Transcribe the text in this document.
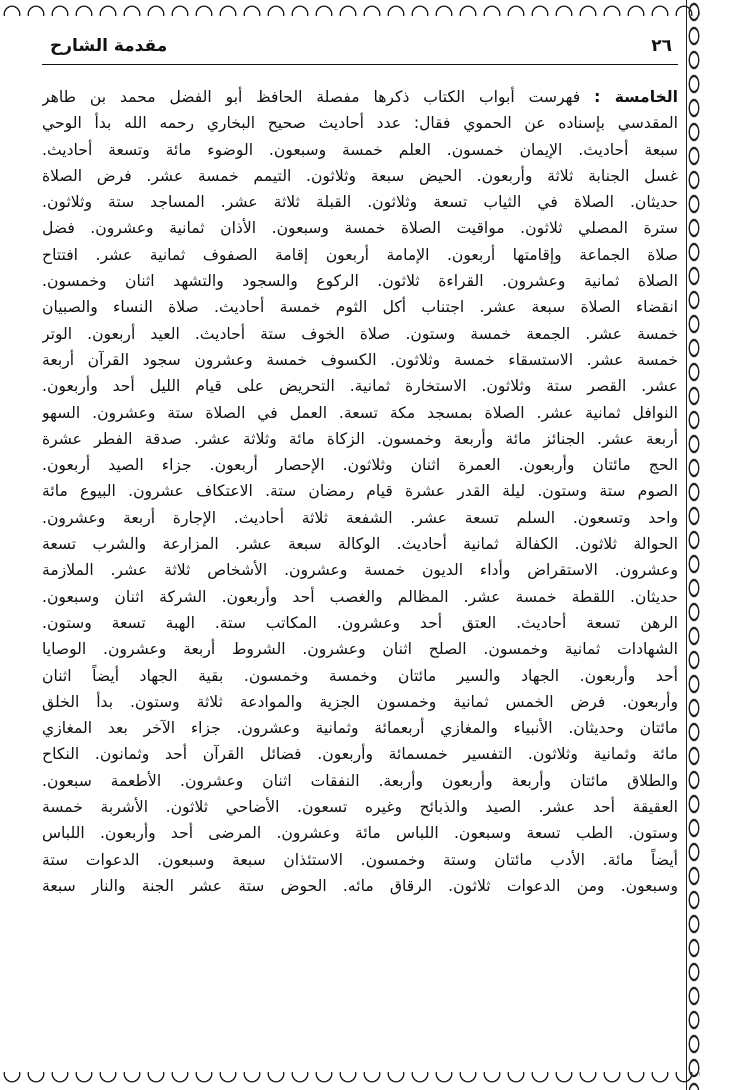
٢٦
مقدمة الشارح
الخامسة : فهرست أبواب الكتاب ذكرها مفصلة الحافظ أبو الفضل محمد بن طاهر
المقدسي بإسناده عن الحموي فقال: عدد أحاديث صحيح البخاري رحمه الله بدأ الوحي
سبعة أحاديث. الإيمان خمسون. العلم خمسة وسبعون. الوضوء مائة وتسعة أحاديث.
غسل الجنابة ثلاثة وأربعون. الحيض سبعة وثلاثون. التيمم خمسة عشر. فرض الصلاة
حديثان. الصلاة في الثياب تسعة وثلاثون. القبلة ثلاثة عشر. المساجد ستة وثلاثون.
سترة المصلي ثلاثون. مواقيت الصلاة خمسة وسبعون. الأذان ثمانية وعشرون. فضل
صلاة الجماعة وإقامتها أربعون. الإمامة أربعون إقامة الصفوف ثمانية عشر. افتتاح
الصلاة ثمانية وعشرون. القراءة ثلاثون. الركوع والسجود والتشهد اثنان وخمسون.
انقضاء الصلاة سبعة عشر. اجتناب أكل الثوم خمسة أحاديث. صلاة النساء والصبيان
خمسة عشر. الجمعة خمسة وستون. صلاة الخوف ستة أحاديث. العيد أربعون. الوتر
خمسة عشر. الاستسقاء خمسة وثلاثون. الكسوف خمسة وعشرون سجود القرآن أربعة
عشر. القصر ستة وثلاثون. الاستخارة ثمانية. التحريض على قيام الليل أحد وأربعون.
النوافل ثمانية عشر. الصلاة بمسجد مكة تسعة. العمل في الصلاة ستة وعشرون. السهو
أربعة عشر. الجنائز مائة وأربعة وخمسون. الزكاة مائة وثلاثة عشر. صدقة الفطر عشرة
الحج مائتان وأربعون. العمرة اثنان وثلاثون. الإحصار أربعون. جزاء الصيد أربعون.
الصوم ستة وستون. ليلة القدر عشرة قيام رمضان ستة. الاعتكاف عشرون. البيوع مائة
واحد وتسعون. السلم تسعة عشر. الشفعة ثلاثة أحاديث. الإجارة أربعة وعشرون.
الحوالة ثلاثون. الكفالة ثمانية أحاديث. الوكالة سبعة عشر. المزارعة والشرب تسعة
وعشرون. الاستقراض وأداء الديون خمسة وعشرون. الأشخاص ثلاثة عشر. الملازمة
حديثان. اللقطة خمسة عشر. المظالم والغصب أحد وأربعون. الشركة اثنان وسبعون.
الرهن تسعة أحاديث. العتق أحد وعشرون. المكاتب ستة. الهبة تسعة وستون.
الشهادات ثمانية وخمسون. الصلح اثنان وعشرون. الشروط أربعة وعشرون. الوصايا
أحد وأربعون. الجهاد والسير مائتان وخمسة وخمسون. بقية الجهاد أيضاً اثنان
وأربعون. فرض الخمس ثمانية وخمسون الجزية والموادعة ثلاثة وستون. بدأ الخلق
مائتان وحديثان. الأنبياء والمغازي أربعمائة وثمانية وعشرون. جزاء الآخر بعد المغازي
مائة وثمانية وثلاثون. التفسير خمسمائة وأربعون. فضائل القرآن أحد وثمانون. النكاح
والطلاق مائتان وأربعة وأربعون وأربعة. النفقات اثنان وعشرون. الأطعمة سبعون.
العقيقة أحد عشر. الصيد والذبائح وغيره تسعون. الأضاحي ثلاثون. الأشربة خمسة
وستون. الطب تسعة وسبعون. اللباس مائة وعشرون. المرضى أحد وأربعون. اللباس
أيضاً مائة. الأدب مائتان وستة وخمسون. الاستئذان سبعة وسبعون. الدعوات ستة
وسبعون. ومن الدعوات ثلاثون. الرقاق مائه. الحوض ستة عشر الجنة والنار سبعة
